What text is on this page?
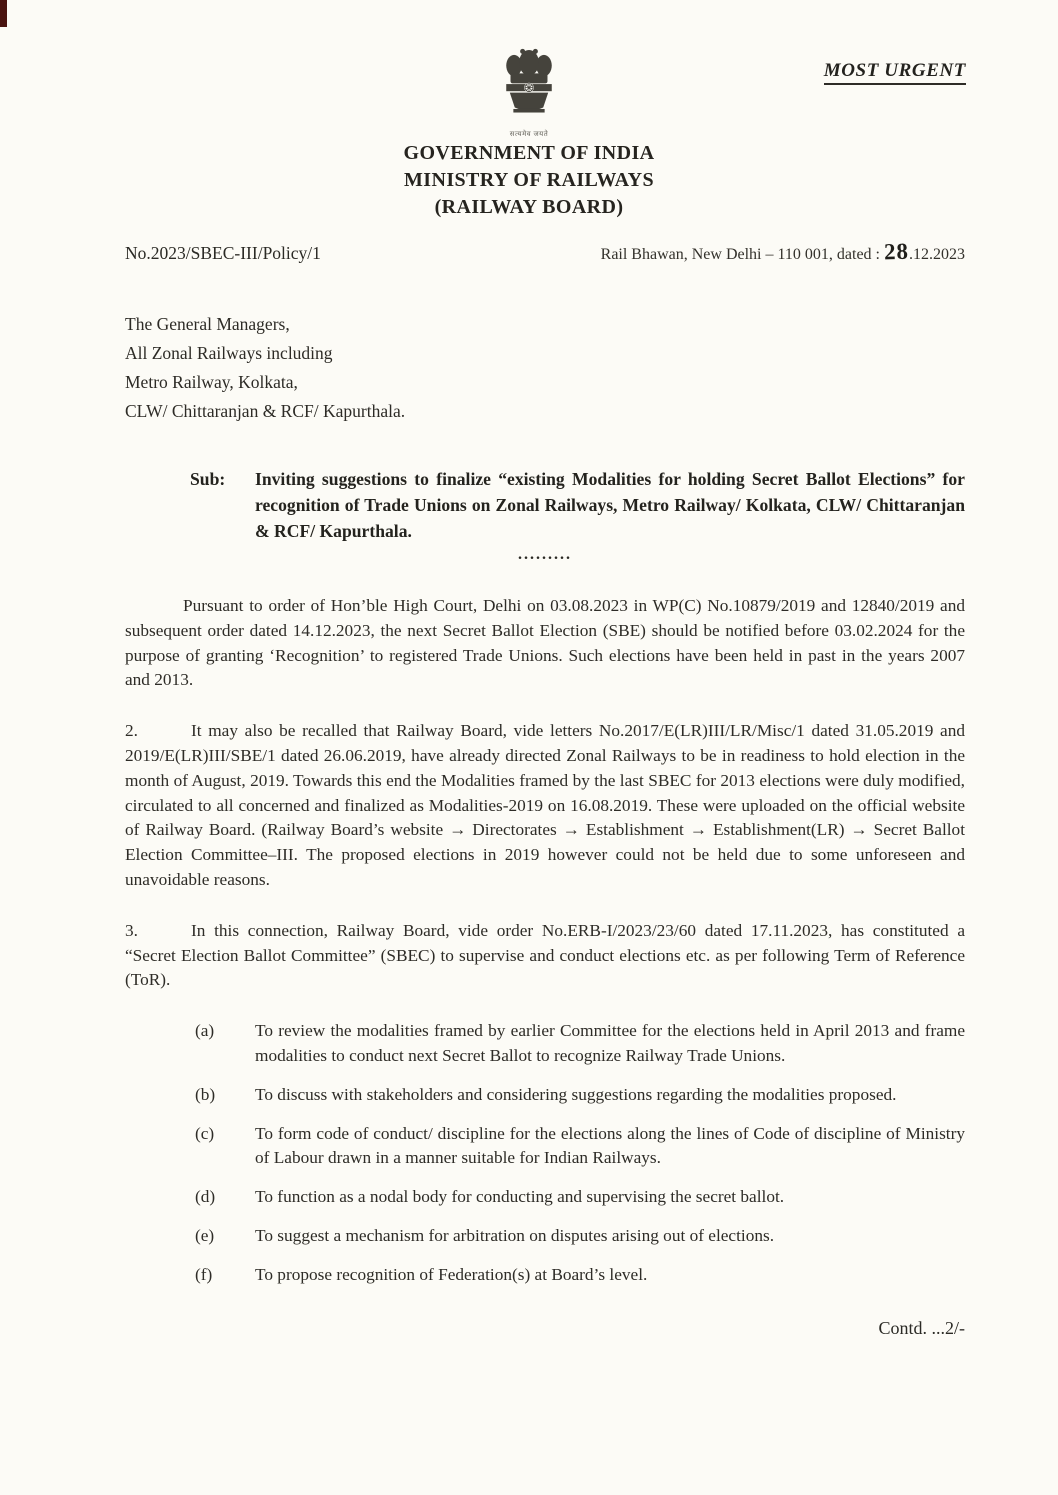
MOST URGENT
सत्यमेव जयते
GOVERNMENT OF INDIA
MINISTRY OF RAILWAYS
(RAILWAY BOARD)
No.2023/SBEC-III/Policy/1	Rail Bhawan, New Delhi – 110 001, dated : 28.12.2023
The General Managers,
All Zonal Railways including
Metro Railway, Kolkata,
CLW/ Chittaranjan & RCF/ Kapurthala.
Sub:	Inviting suggestions to finalize “existing Modalities for holding Secret Ballot Elections” for recognition of Trade Unions on Zonal Railways, Metro Railway/ Kolkata, CLW/ Chittaranjan & RCF/ Kapurthala.
.........

Pursuant to order of Hon’ble High Court, Delhi on 03.08.2023 in WP(C) No.10879/2019 and 12840/2019 and subsequent order dated 14.12.2023, the next Secret Ballot Election (SBE) should be notified before 03.02.2024 for the purpose of granting ‘Recognition’ to registered Trade Unions. Such elections have been held in past in the years 2007 and 2013.

2.	It may also be recalled that Railway Board, vide letters No.2017/E(LR)III/LR/Misc/1 dated 31.05.2019 and 2019/E(LR)III/SBE/1 dated 26.06.2019, have already directed Zonal Railways to be in readiness to hold election in the month of August, 2019. Towards this end the Modalities framed by the last SBEC for 2013 elections were duly modified, circulated to all concerned and finalized as Modalities-2019 on 16.08.2019. These were uploaded on the official website of Railway Board. (Railway Board’s website → Directorates → Establishment → Establishment(LR) → Secret Ballot Election Committee–III. The proposed elections in 2019 however could not be held due to some unforeseen and unavoidable reasons.

3.	In this connection, Railway Board, vide order No.ERB-I/2023/23/60 dated 17.11.2023, has constituted a “Secret Election Ballot Committee” (SBEC) to supervise and conduct elections etc. as per following Term of Reference (ToR).

(a)	To review the modalities framed by earlier Committee for the elections held in April 2013 and frame modalities to conduct next Secret Ballot to recognize Railway Trade Unions.
(b)	To discuss with stakeholders and considering suggestions regarding the modalities proposed.
(c)	To form code of conduct/ discipline for the elections along the lines of Code of discipline of Ministry of Labour drawn in a manner suitable for Indian Railways.
(d)	To function as a nodal body for conducting and supervising the secret ballot.
(e)	To suggest a mechanism for arbitration on disputes arising out of elections.
(f)	To propose recognition of Federation(s) at Board’s level.
Contd. ...2/-
